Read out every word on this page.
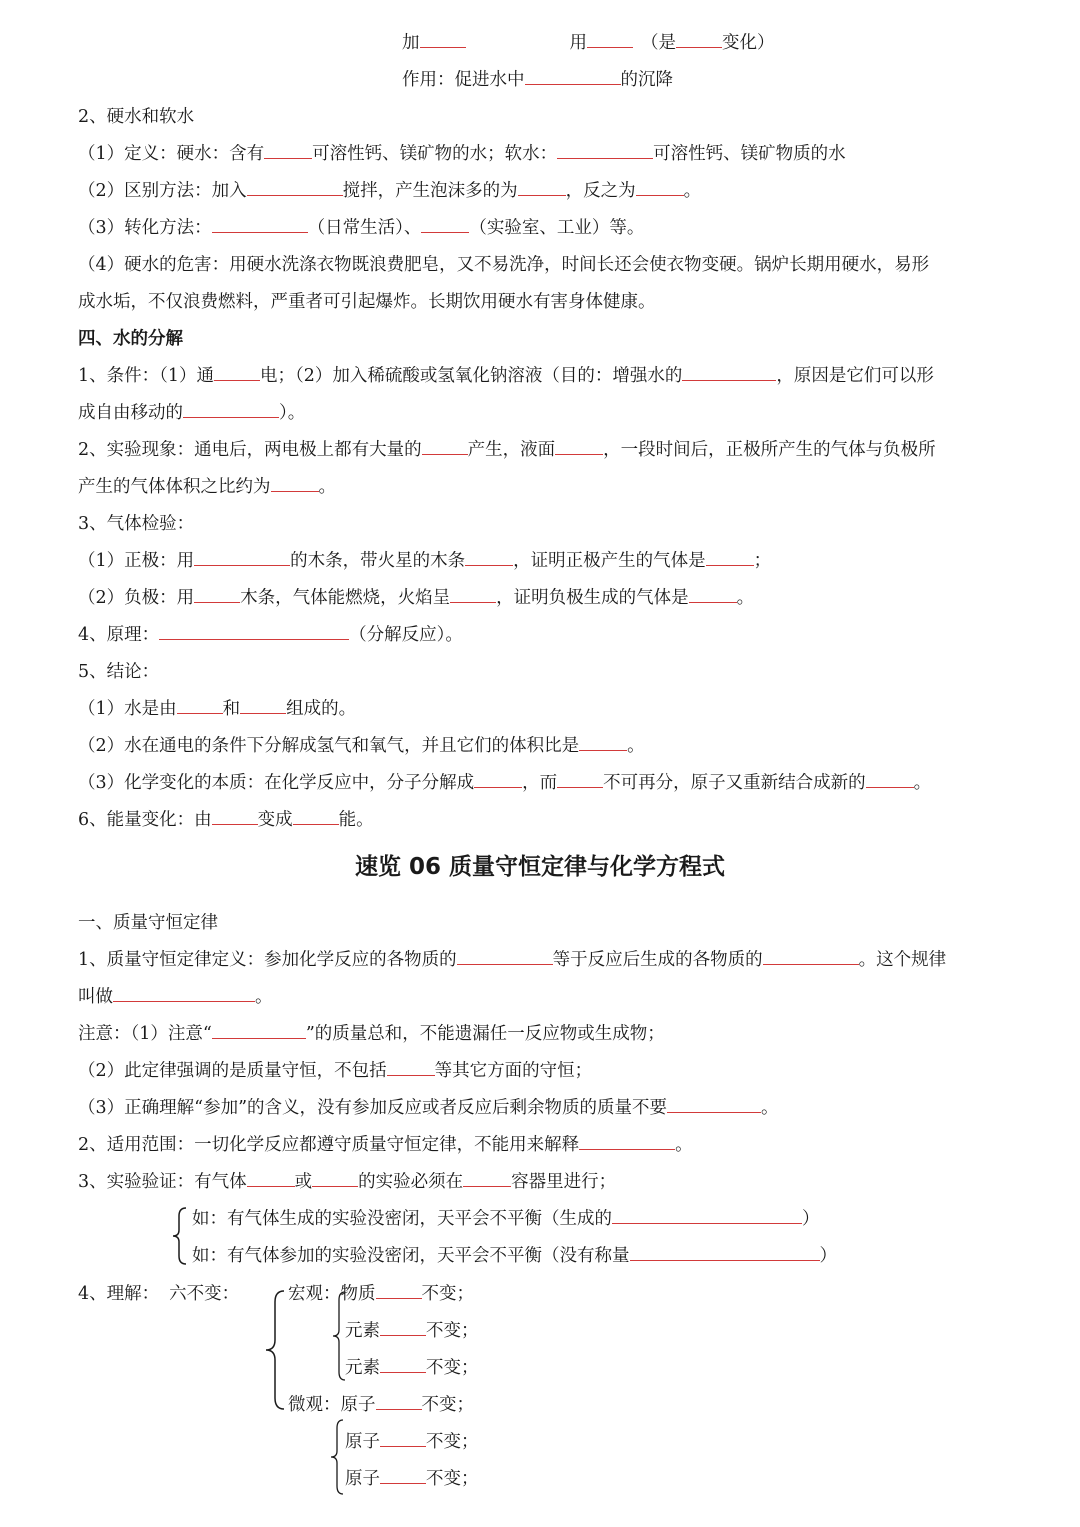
加	用	（是	变化）
作用：促进水中	的沉降
2、硬水和软水
（1）定义：硬水：含有	可溶性钙、镁矿物的水；软水：	可溶性钙、镁矿物质的水
（2）区别方法：加入	搅拌，产生泡沫多的为	，反之为	。
（3）转化方法：	（日常生活）、	（实验室、工业）等。
（4）硬水的危害：用硬水洗涤衣物既浪费肥皂，又不易洗净，时间长还会使衣物变硬。锅炉长期用硬水，易形
成水垢，不仅浪费燃料，严重者可引起爆炸。长期饮用硬水有害身体健康。
四、水的分解
1、条件：（1）通	电；（2）加入稀硫酸或氢氧化钠溶液（目的：增强水的	，原因是它们可以形
成自由移动的	）。
2、实验现象：通电后，两电极上都有大量的	产生，液面	，一段时间后，正极所产生的气体与负极所
产生的气体体积之比约为	。
3、气体检验：
（1）正极：用	的木条，带火星的木条	，证明正极产生的气体是	；
（2）负极：用	木条，气体能燃烧，火焰呈	，证明负极生成的气体是	。
4、原理：	（分解反应）。
5、结论：
（1）水是由	和	组成的。
（2）水在通电的条件下分解成氢气和氧气，并且它们的体积比是	。
（3）化学变化的本质：在化学反应中，分子分解成	，而	不可再分，原子又重新结合成新的	。
6、能量变化：由	变成	能。
速览 06 质量守恒定律与化学方程式
一、质量守恒定律
1、质量守恒定律定义：参加化学反应的各物质的	等于反应后生成的各物质的	。这个规律
叫做	。
注意：（1）注意“	”的质量总和，不能遗漏任一反应物或生成物；
（2）此定律强调的是质量守恒，不包括	等其它方面的守恒；
（3）正确理解“参加”的含义，没有参加反应或者反应后剩余物质的质量不要	。
2、适用范围：一切化学反应都遵守质量守恒定律，不能用来解释	。
3、实验验证：有气体	或	的实验必须在	容器里进行；
如：有气体生成的实验没密闭，天平会不平衡（生成的	）
如：有气体参加的实验没密闭，天平会不平衡（没有称量	）
4、理解： 六不变：	宏观：物质	不变；
元素	不变；
元素	不变；
微观：原子	不变；
原子	不变；
原子	不变；
